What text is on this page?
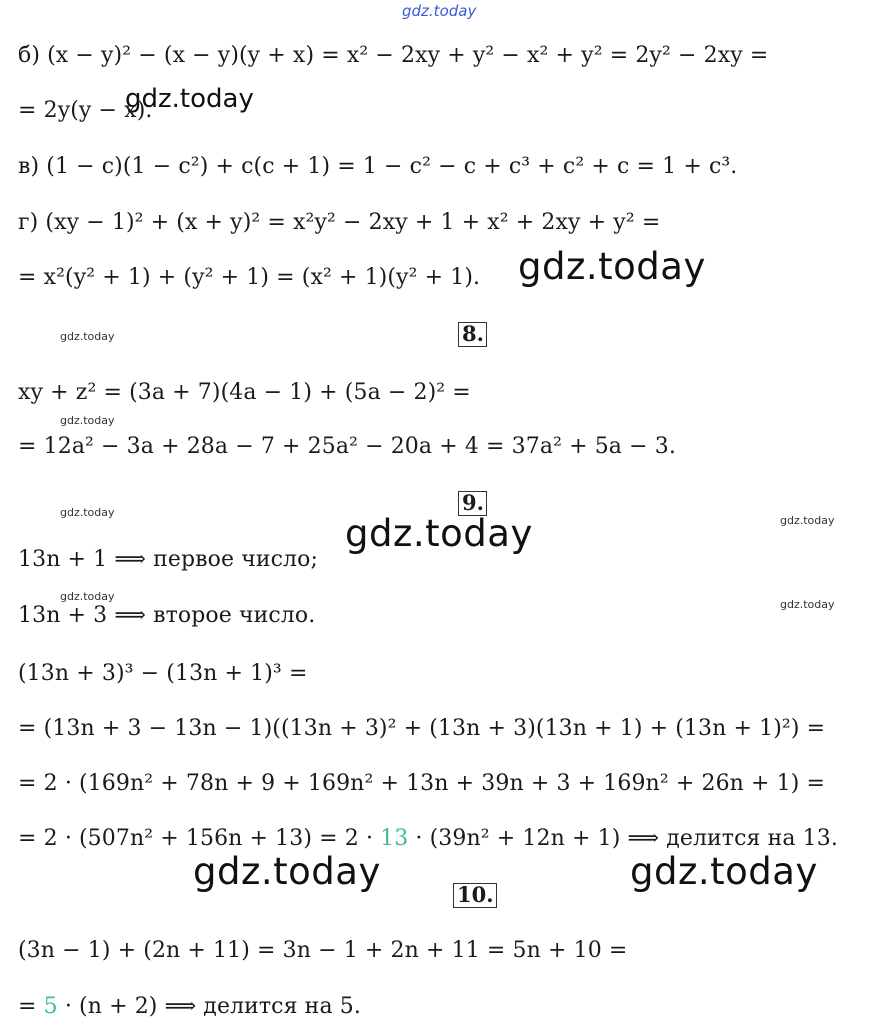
gdz.today
б) (x − y)² − (x − y)(y + x) = x² − 2xy + y² − x² + y² = 2y² − 2xy =
= 2y(y − x).
gdz.today
в) (1 − c)(1 − c²) + c(c + 1) = 1 − c² − c + c³ + c² + c = 1 + c³.
г) (xy − 1)² + (x + y)² = x²y² − 2xy + 1 + x² + 2xy + y² =
= x²(y² + 1) + (y² + 1) = (x² + 1)(y² + 1). gdz.today
gdz.today	8.
xy + z² = (3a + 7)(4a − 1) + (5a − 2)² =
gdz.today
= 12a² − 3a + 28a − 7 + 25a² − 20a + 4 = 37a² + 5a − 3.
gdz.today	9.
gdz.today	gdz.today
13n + 1 ⟹ первое число;
gdz.today
gdz.today
13n + 3 ⟹ второе число.
(13n + 3)³ − (13n + 1)³ =
= (13n + 3 − 13n − 1)((13n + 3)² + (13n + 3)(13n + 1) + (13n + 1)²) =
= 2 · (169n² + 78n + 9 + 169n² + 13n + 39n + 3 + 169n² + 26n + 1) =
= 2 · (507n² + 156n + 13) = 2 · 13 · (39n² + 12n + 1) ⟹ делится на 13.
gdz.today	gdz.today
10.
(3n − 1) + (2n + 11) = 3n − 1 + 2n + 11 = 5n + 10 =
= 5 · (n + 2) ⟹ делится на 5.
